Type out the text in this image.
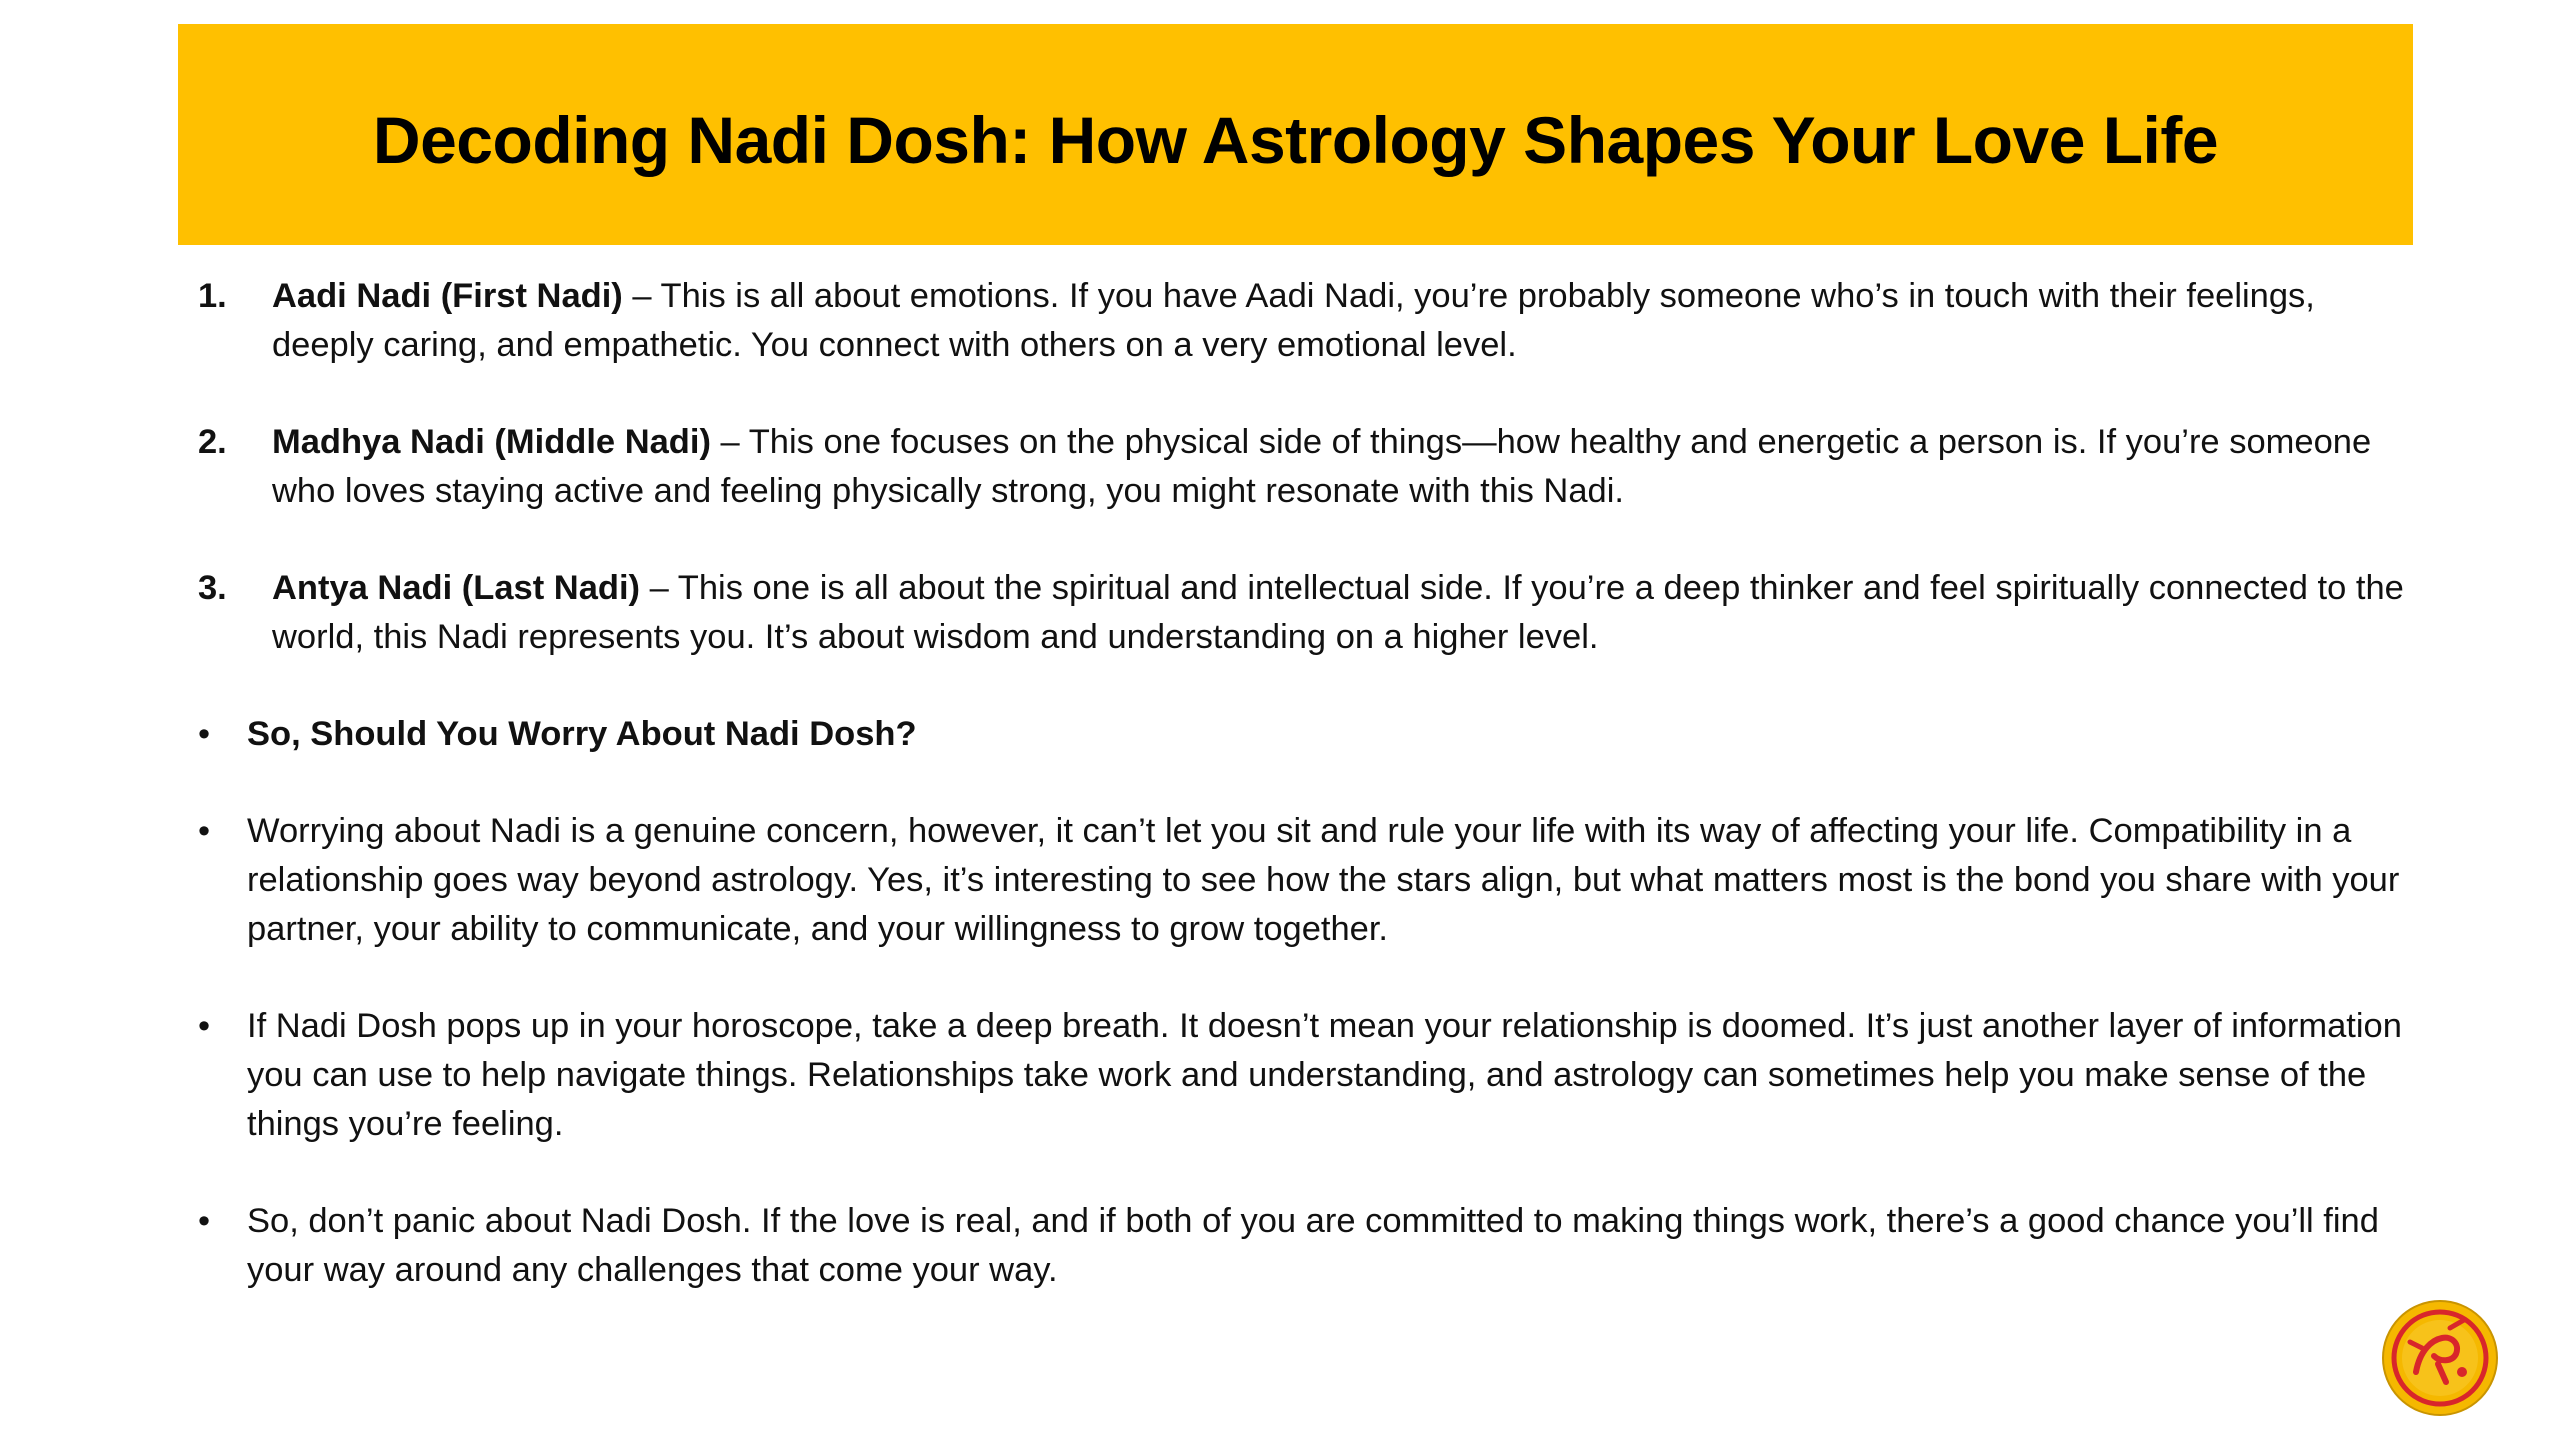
Decoding Nadi Dosh: How Astrology Shapes Your Love Life
1. Aadi Nadi (First Nadi) – This is all about emotions. If you have Aadi Nadi, you’re probably someone who’s in touch with their feelings, deeply caring, and empathetic. You connect with others on a very emotional level.
2. Madhya Nadi (Middle Nadi) – This one focuses on the physical side of things—how healthy and energetic a person is. If you’re someone who loves staying active and feeling physically strong, you might resonate with this Nadi.
3. Antya Nadi (Last Nadi) – This one is all about the spiritual and intellectual side. If you’re a deep thinker and feel spiritually connected to the world, this Nadi represents you. It’s about wisdom and understanding on a higher level.
• So, Should You Worry About Nadi Dosh?
• Worrying about Nadi is a genuine concern, however, it can’t let you sit and rule your life with its way of affecting your life. Compatibility in a relationship goes way beyond astrology. Yes, it’s interesting to see how the stars align, but what matters most is the bond you share with your partner, your ability to communicate, and your willingness to grow together.
• If Nadi Dosh pops up in your horoscope, take a deep breath. It doesn’t mean your relationship is doomed. It’s just another layer of information you can use to help navigate things. Relationships take work and understanding, and astrology can sometimes help you make sense of the things you’re feeling.
• So, don’t panic about Nadi Dosh. If the love is real, and if both of you are committed to making things work, there’s a good chance you’ll find your way around any challenges that come your way.
